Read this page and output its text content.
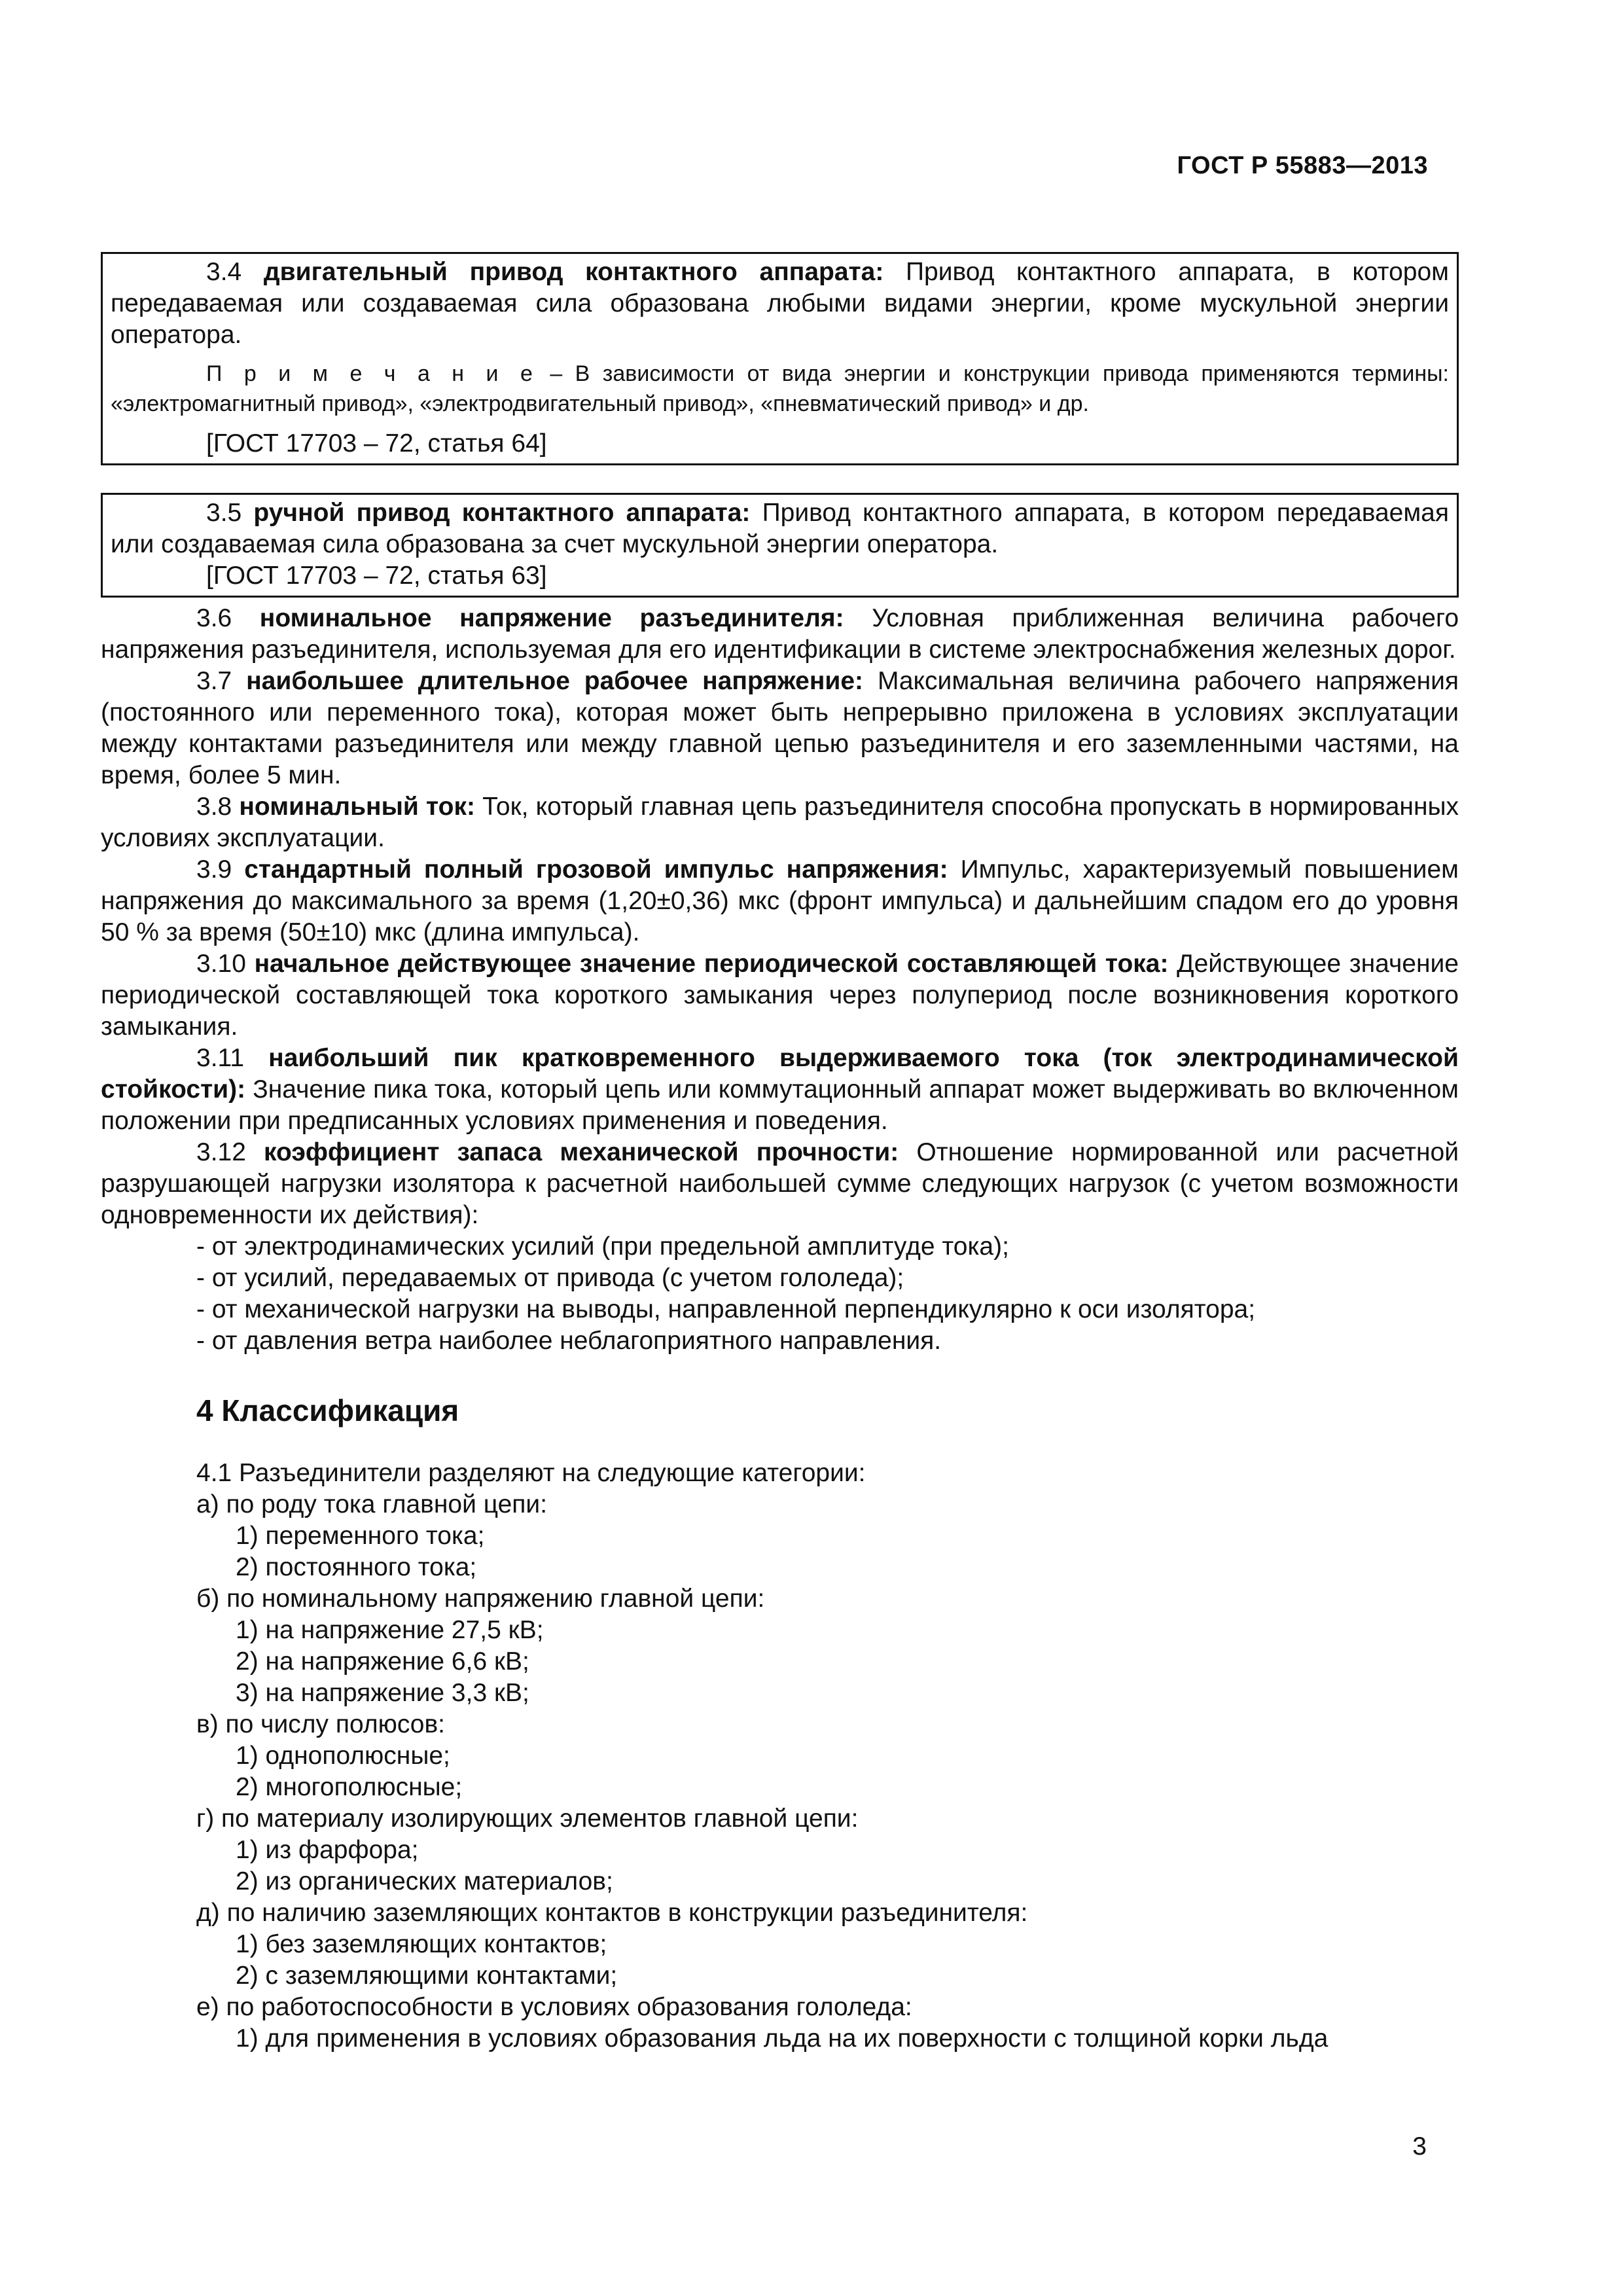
ГОСТ Р 55883—2013

3.4 двигательный привод контактного аппарата: Привод контактного аппарата, в котором передаваемая или создаваемая сила образована любыми видами энергии, кроме мускульной энергии оператора.

П р и м е ч а н и е – В зависимости от вида энергии и конструкции привода применяются термины: «электромагнитный привод», «электродвигательный привод», «пневматический привод» и др.

[ГОСТ 17703 – 72, статья 64]

3.5 ручной привод контактного аппарата: Привод контактного аппарата, в котором передаваемая или создаваемая сила образована за счет мускульной энергии оператора.

[ГОСТ 17703 – 72, статья 63]

3.6 номинальное напряжение разъединителя: Условная приближенная величина рабочего напряжения разъединителя, используемая для его идентификации в системе электроснабжения железных дорог.

3.7 наибольшее длительное рабочее напряжение: Максимальная величина рабочего напряжения (постоянного или переменного тока), которая может быть непрерывно приложена в условиях эксплуатации между контактами разъединителя или между главной цепью разъединителя и его заземленными частями, на время, более 5 мин.

3.8 номинальный ток: Ток, который главная цепь разъединителя способна пропускать в нормированных условиях эксплуатации.

3.9 стандартный полный грозовой импульс напряжения: Импульс, характеризуемый повышением напряжения до максимального за время (1,20±0,36) мкс (фронт импульса) и дальнейшим спадом его до уровня 50 % за время (50±10) мкс (длина импульса).

3.10 начальное действующее значение периодической составляющей тока: Действующее значение периодической составляющей тока короткого замыкания через полупериод после возникновения короткого замыкания.

3.11 наибольший пик кратковременного выдерживаемого тока (ток электродинамической стойкости): Значение пика тока, который цепь или коммутационный аппарат может выдерживать во включенном положении при предписанных условиях применения и поведения.

3.12 коэффициент запаса механической прочности: Отношение нормированной или расчетной разрушающей нагрузки изолятора к расчетной наибольшей сумме следующих нагрузок (с учетом возможности одновременности их действия):

- от электродинамических усилий (при предельной амплитуде тока);

- от усилий, передаваемых от привода (с учетом гололеда);

- от механической нагрузки на выводы, направленной перпендикулярно к оси изолятора;

- от давления ветра наиболее неблагоприятного направления.

4 Классификация

4.1 Разъединители разделяют на следующие категории:

а) по роду тока главной цепи:

1) переменного тока;

2) постоянного тока;

б) по номинальному напряжению главной цепи:

1) на напряжение 27,5 кВ;

2) на напряжение 6,6 кВ;

3) на напряжение 3,3 кВ;

в) по числу полюсов:

1) однополюсные;

2) многополюсные;

г) по материалу изолирующих элементов главной цепи:

1) из фарфора;

2) из органических материалов;

д) по наличию заземляющих контактов в конструкции разъединителя:

1) без заземляющих контактов;

2) с заземляющими контактами;

е) по работоспособности в условиях образования гололеда:

1) для применения в условиях образования льда на их поверхности с толщиной корки льда

3
